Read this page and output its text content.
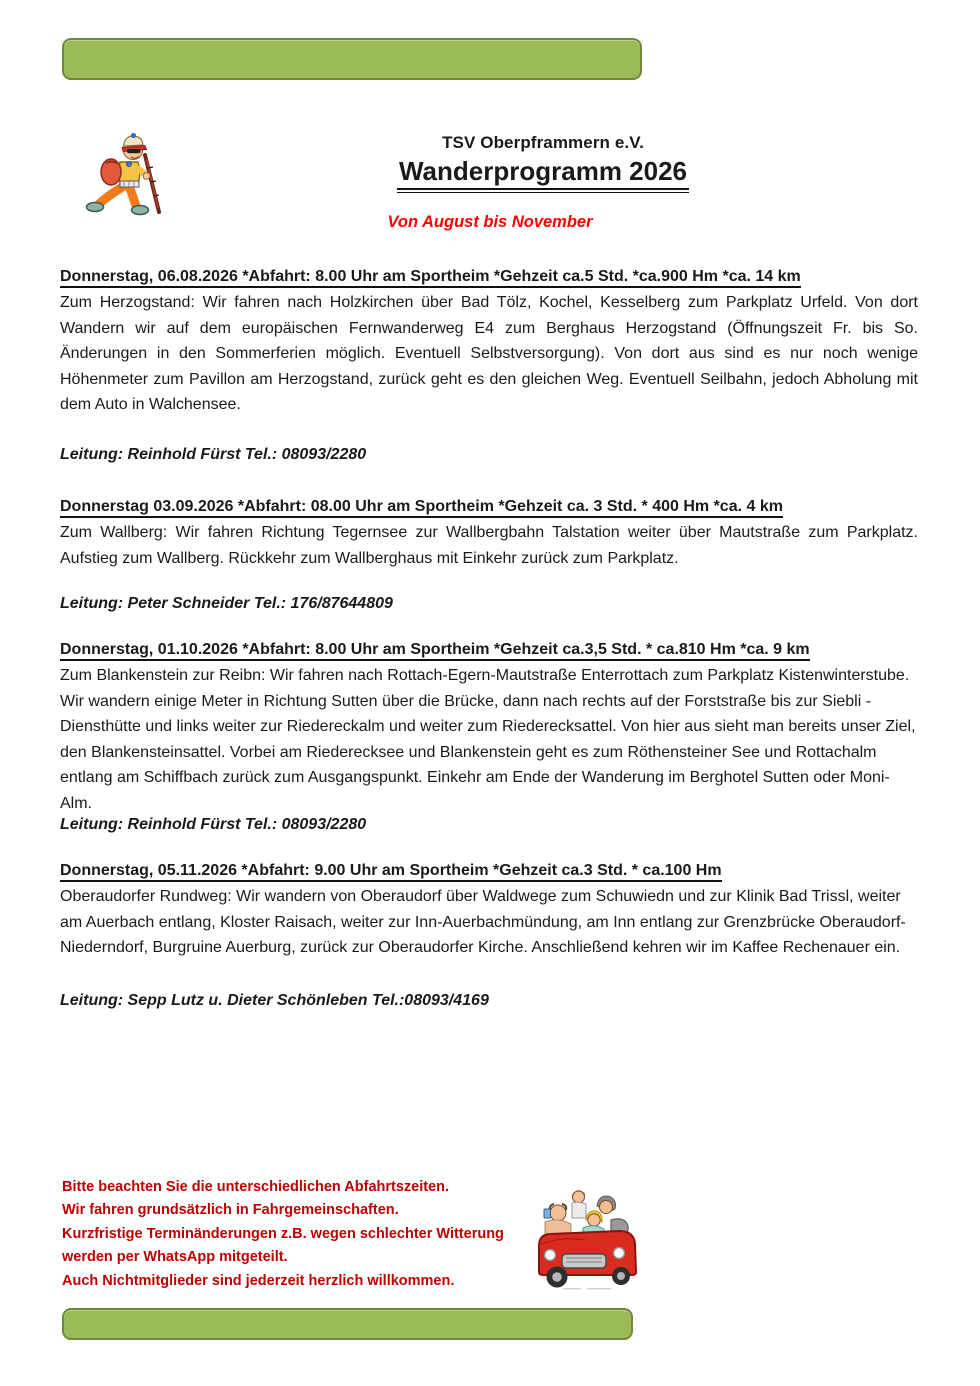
TSV Oberpframmern e.V.
Wanderprogramm 2026
Von August bis November
Donnerstag, 06.08.2026 *Abfahrt: 8.00 Uhr am Sportheim *Gehzeit ca.5 Std. *ca.900 Hm *ca. 14 km

Zum Herzogstand: Wir fahren nach Holzkirchen über Bad Tölz, Kochel, Kesselberg zum Parkplatz Urfeld. Von dort Wandern wir auf dem europäischen Fernwanderweg E4 zum Berghaus Herzogstand (Öffnungszeit Fr. bis So. Änderungen in den Sommerferien möglich. Eventuell Selbstversorgung). Von dort aus sind es nur noch wenige Höhenmeter zum Pavillon am Herzogstand, zurück geht es den gleichen Weg. Eventuell Seilbahn, jedoch Abholung mit dem Auto in Walchensee.

Leitung: Reinhold Fürst Tel.: 08093/2280
Donnerstag 03.09.2026 *Abfahrt: 08.00 Uhr am Sportheim *Gehzeit ca. 3 Std. * 400 Hm *ca. 4 km

Zum Wallberg: Wir fahren Richtung Tegernsee zur Wallbergbahn Talstation weiter über Mautstraße zum Parkplatz. Aufstieg zum Wallberg. Rückkehr zum Wallberghaus mit Einkehr zurück zum Parkplatz.

Leitung: Peter Schneider Tel.: 176/87644809
Donnerstag, 01.10.2026 *Abfahrt: 8.00 Uhr am Sportheim *Gehzeit ca.3,5 Std. * ca.810 Hm *ca. 9 km

Zum Blankenstein zur Reibn: Wir fahren nach Rottach-Egern-Mautstraße Enterrottach zum Parkplatz Kistenwinterstube. Wir wandern einige Meter in Richtung Sutten über die Brücke, dann nach rechts auf der Forststraße bis zur Siebli - Diensthütte und links weiter zur Riedereckalm und weiter zum Riederecksattel. Von hier aus sieht man bereits unser Ziel, den Blankensteinsattel. Vorbei am Riederecksee und Blankenstein geht es zum Röthensteiner See und Rottachalm entlang am Schiffbach zurück zum Ausgangspunkt. Einkehr am Ende der Wanderung im Berghotel Sutten oder Moni-Alm.

Leitung: Reinhold Fürst Tel.: 08093/2280
Donnerstag, 05.11.2026 *Abfahrt: 9.00 Uhr am Sportheim *Gehzeit ca.3 Std. * ca.100 Hm

Oberaudorfer Rundweg: Wir wandern von Oberaudorf über Waldwege zum Schuwiedn und zur Klinik Bad Trissl, weiter am Auerbach entlang, Kloster Raisach, weiter zur Inn-Auerbachmündung, am Inn entlang zur Grenzbrücke Oberaudorf-Niederndorf, Burgruine Auerburg, zurück zur Oberaudorfer Kirche. Anschließend kehren wir im Kaffee Rechenauer ein.

Leitung: Sepp Lutz u. Dieter Schönleben Tel.:08093/4169
Bitte beachten Sie die unterschiedlichen Abfahrtszeiten.
Wir fahren grundsätzlich in Fahrgemeinschaften.
Kurzfristige Terminänderungen z.B. wegen schlechter Witterung
werden per WhatsApp mitgeteilt.
Auch Nichtmitglieder sind jederzeit herzlich willkommen.
